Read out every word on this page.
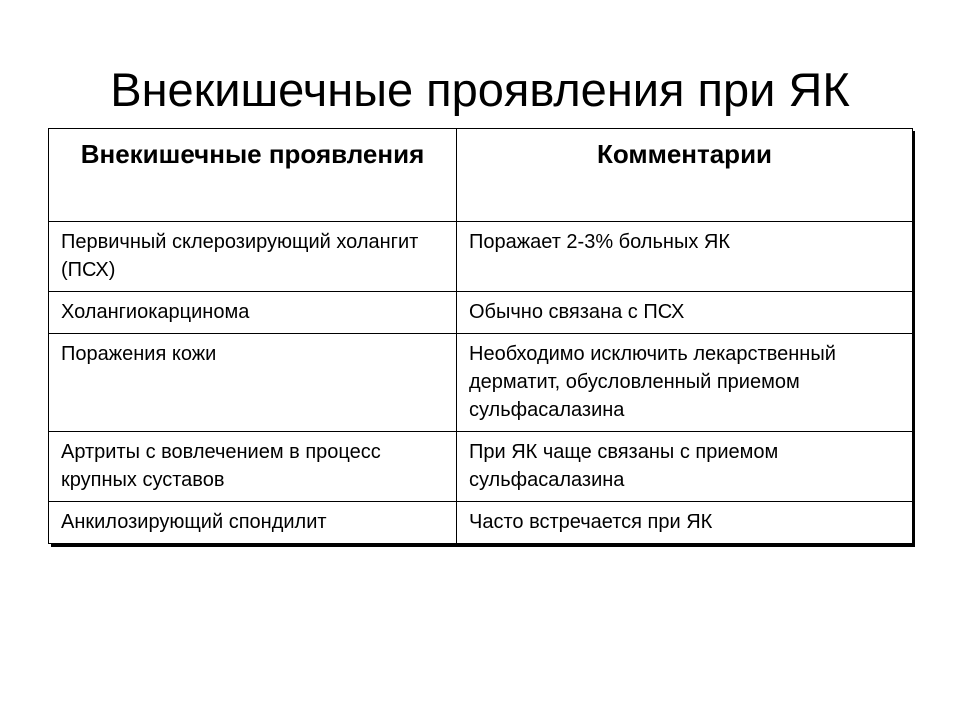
Внекишечные проявления при ЯК
Внекишечные проявления	Комментарии
Первичный склерозирующий холангит (ПСХ)	Поражает 2-3% больных ЯК
Холангиокарцинома	Обычно связана с ПСХ
Поражения кожи	Необходимо исключить лекарственный дерматит, обусловленный приемом сульфасалазина
Артриты с вовлечением в процесс крупных суставов	При ЯК чаще связаны с приемом сульфасалазина
Анкилозирующий спондилит	Часто встречается при ЯК
